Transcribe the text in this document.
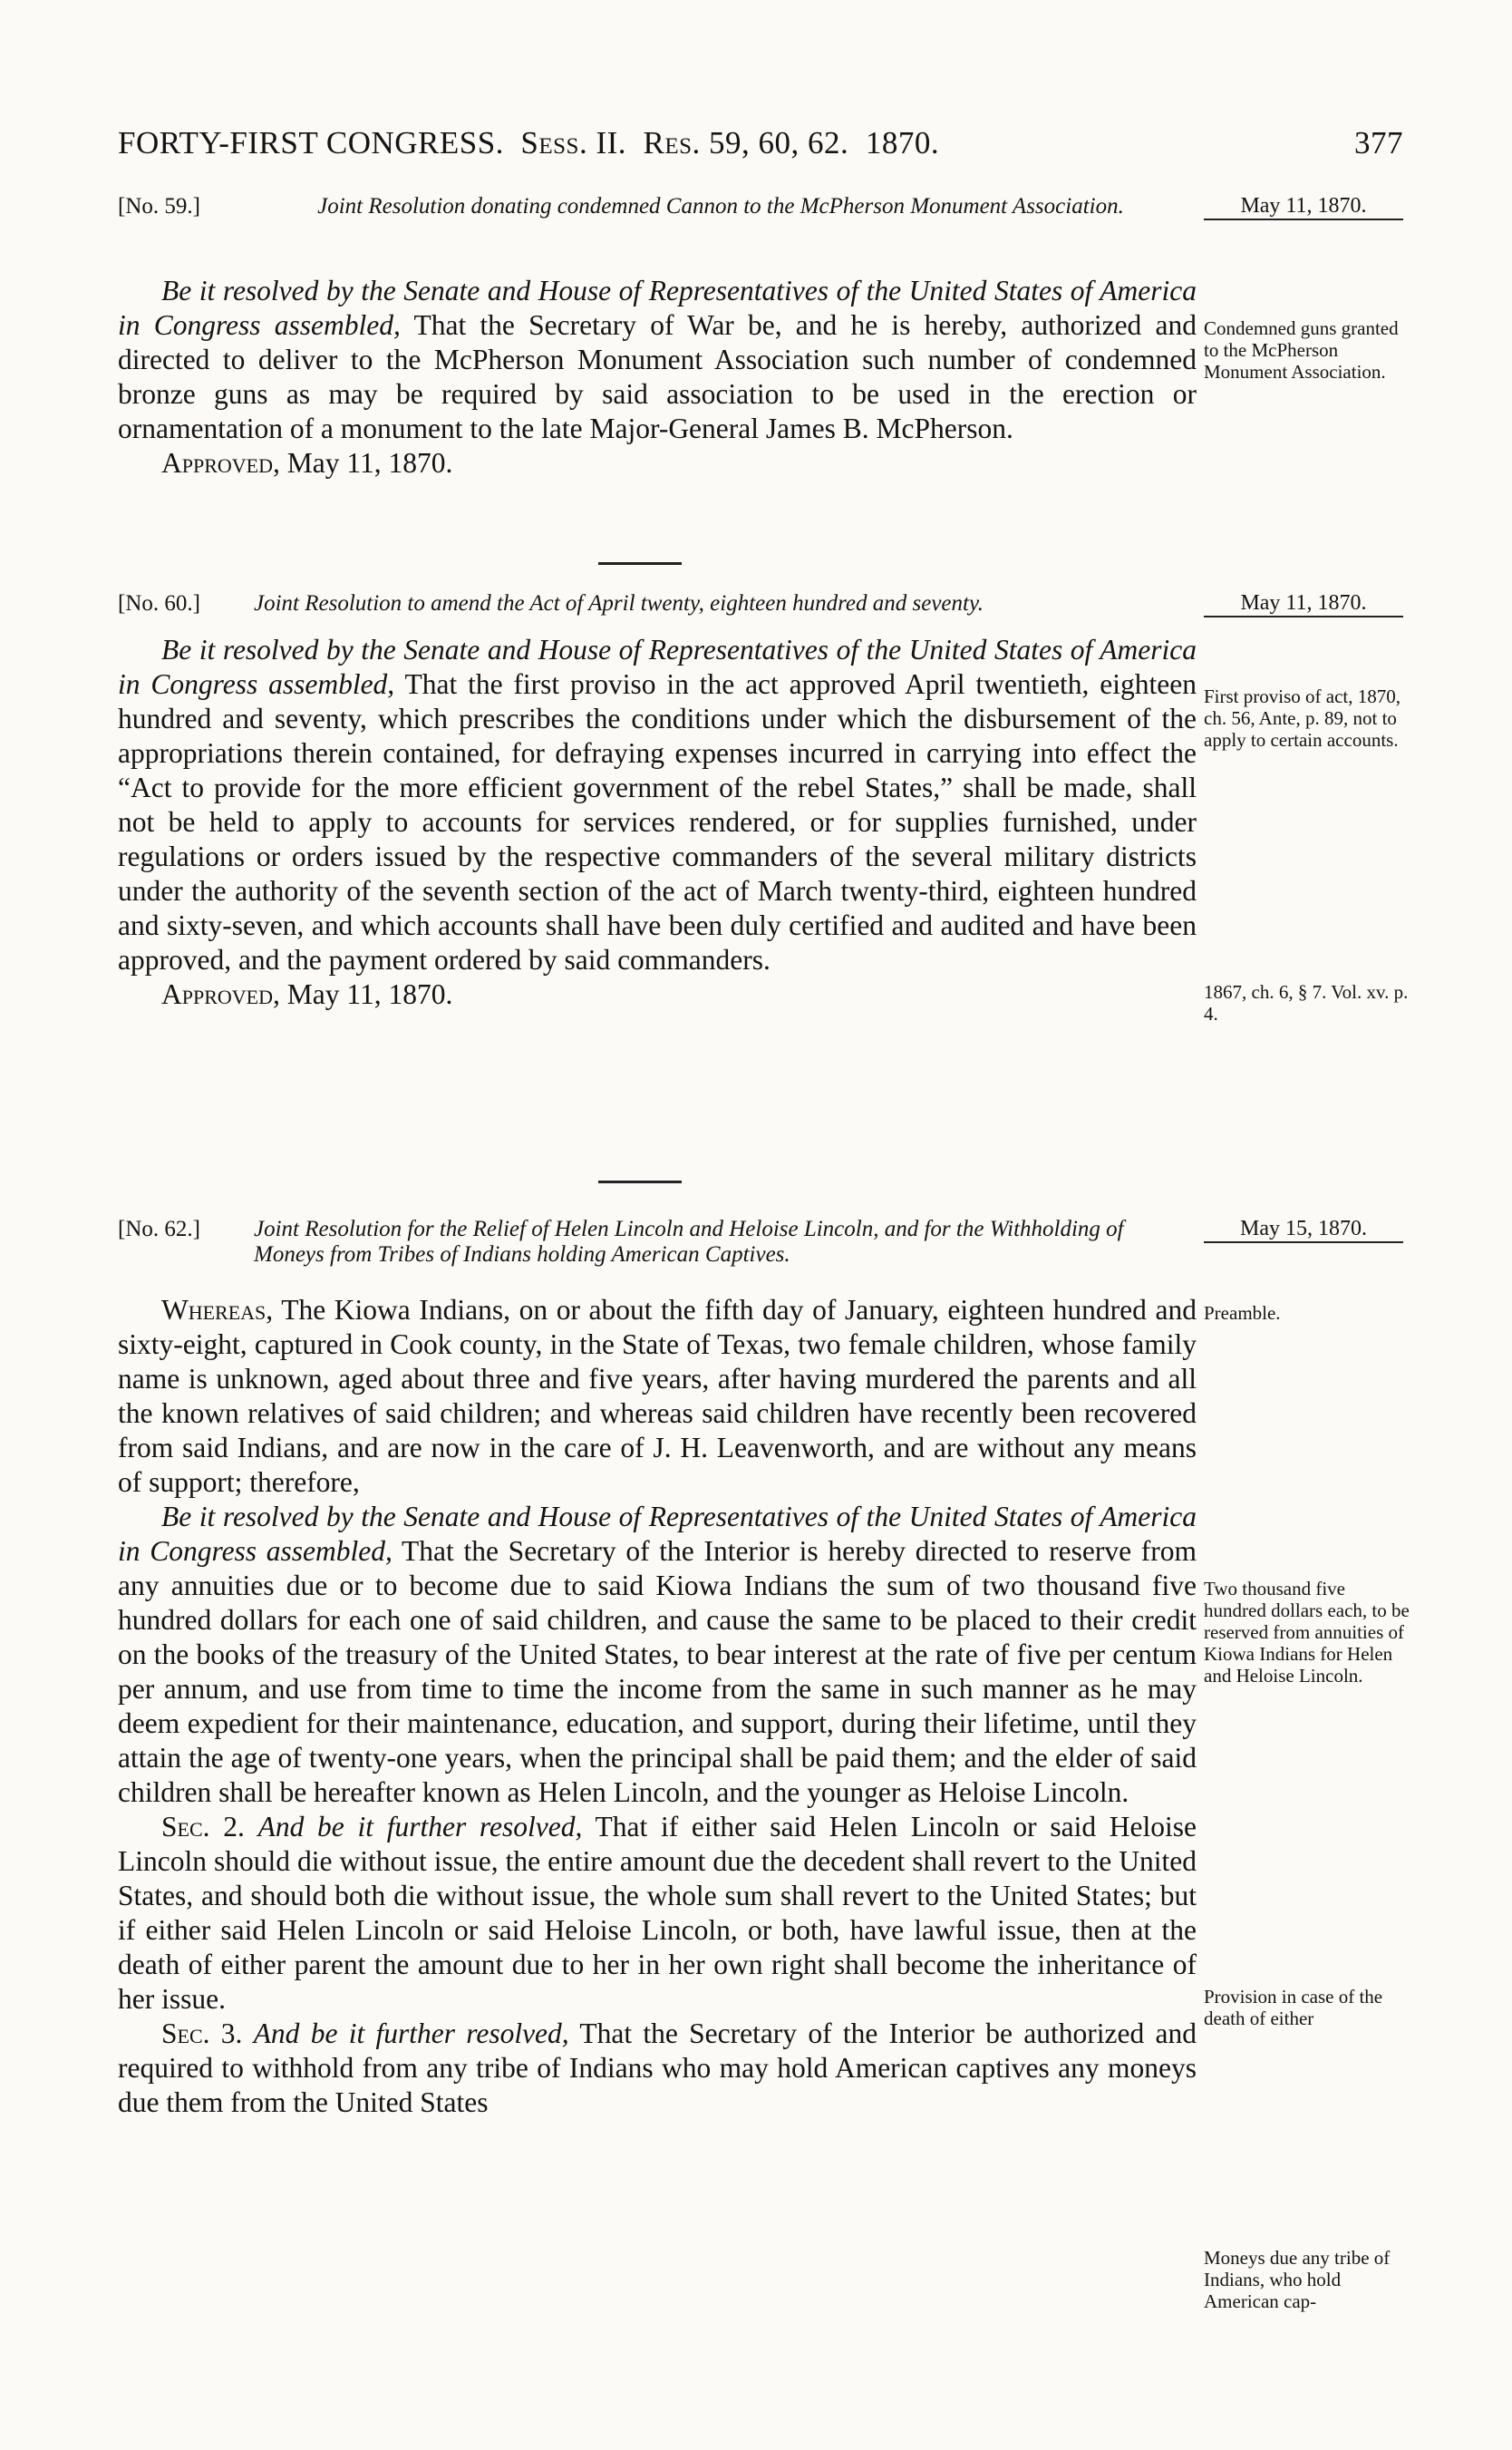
FORTY-FIRST CONGRESS. Sess. II. Res. 59, 60, 62. 1870.	377
[No. 59.]	Joint Resolution donating condemned Cannon to the McPherson Monument Association.	May 11, 1870.

Be it resolved by the Senate and House of Representatives of the United States of America in Congress assembled, That the Secretary of War be, and he is hereby, authorized and directed to deliver to the McPherson Monument Association such number of condemned bronze guns as may be required by said association to be used in the erection or ornamentation of a monument to the late Major-General James B. McPherson.

Approved, May 11, 1870.

Condemned guns granted to the McPherson Monument Association.
[No. 60.] Joint Resolution to amend the Act of April twenty, eighteen hundred and seventy.	May 11, 1870.

Be it resolved by the Senate and House of Representatives of the United States of America in Congress assembled, That the first proviso in the act approved April twentieth, eighteen hundred and seventy, which prescribes the conditions under which the disbursement of the appropriations therein contained, for defraying expenses incurred in carrying into effect the “Act to provide for the more efficient government of the rebel States,” shall be made, shall not be held to apply to accounts for services rendered, or for supplies furnished, under regulations or orders issued by the respective commanders of the several military districts under the authority of the seventh section of the act of March twenty-third, eighteen hundred and sixty-seven, and which accounts shall have been duly certified and audited and have been approved, and the payment ordered by said commanders.

Approved, May 11, 1870.

First proviso of act, 1870, ch. 56, Ante, p. 89, not to apply to certain accounts.
1867, ch. 6, § 7. Vol. xv. p. 4.
[No. 62.] Joint Resolution for the Relief of Helen Lincoln and Heloise Lincoln, and for the Withholding of Moneys from Tribes of Indians holding American Captives.
May 15, 1870.

Whereas, The Kiowa Indians, on or about the fifth day of January, eighteen hundred and sixty-eight, captured in Cook county, in the State of Texas, two female children, whose family name is unknown, aged about three and five years, after having murdered the parents and all the known relatives of said children; and whereas said children have recently been recovered from said Indians, and are now in the care of J. H. Leavenworth, and are without any means of support; therefore,

Be it resolved by the Senate and House of Representatives of the United States of America in Congress assembled, That the Secretary of the Interior is hereby directed to reserve from any annuities due or to become due to said Kiowa Indians the sum of two thousand five hundred dollars for each one of said children, and cause the same to be placed to their credit on the books of the treasury of the United States, to bear interest at the rate of five per centum per annum, and use from time to time the income from the same in such manner as he may deem expedient for their maintenance, education, and support, during their lifetime, until they attain the age of twenty-one years, when the principal shall be paid them; and the elder of said children shall be hereafter known as Helen Lincoln, and the younger as Heloise Lincoln.

Sec. 2. And be it further resolved, That if either said Helen Lincoln or said Heloise Lincoln should die without issue, the entire amount due the decedent shall revert to the United States, and should both die without issue, the whole sum shall revert to the United States; but if either said Helen Lincoln or said Heloise Lincoln, or both, have lawful issue, then at the death of either parent the amount due to her in her own right shall become the inheritance of her issue.

Sec. 3. And be it further resolved, That the Secretary of the Interior be authorized and required to withhold from any tribe of Indians who may hold American captives any moneys due them from the United States

Preamble.
Two thousand five hundred dollars each, to be reserved from annuities of Kiowa Indians for Helen and Heloise Lincoln.
Provision in case of the death of either
Moneys due any tribe of Indians, who hold American cap-
